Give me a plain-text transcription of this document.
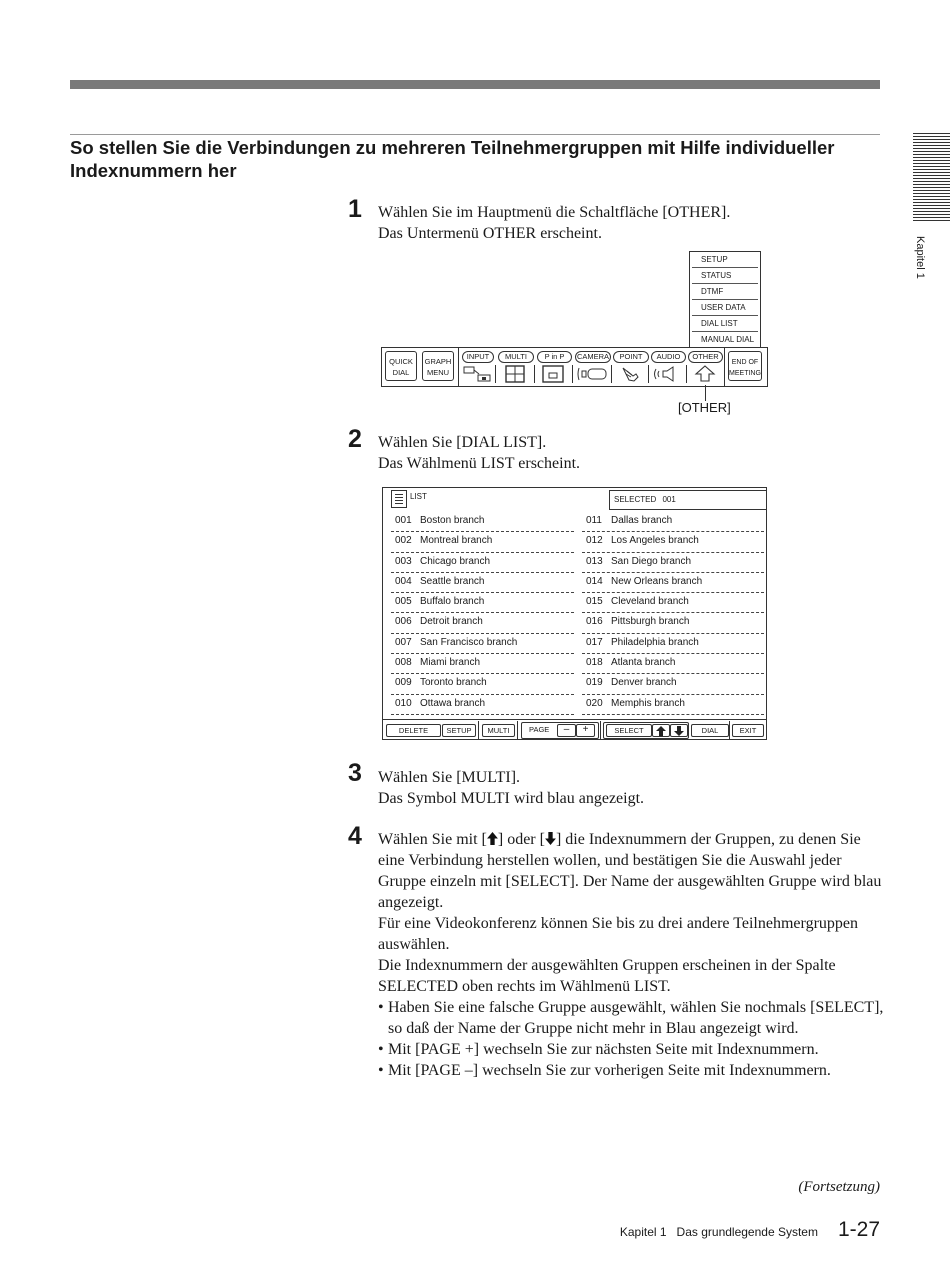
So stellen Sie die Verbindungen zu mehreren Teilnehmergruppen mit Hilfe individueller Indexnummern her
Kapitel 1
1 Wählen Sie im Hauptmenü die Schaltfläche [OTHER].

Das Untermenü OTHER erscheint.

SETUP
STATUS
DTMF
USER DATA
DIAL LIST
MANUAL DIAL
QUICK
DIAL
GRAPH
MENU
INPUT	MULTI	P in P	CAMERA	POINT	AUDIO	OTHER
END OF
MEETING
[OTHER]
2 Wählen Sie [DIAL LIST].

Das Wählmenü LIST erscheint.

LIST	SELECTED 001
001 Boston branch
002 Montreal branch
003 Chicago branch
004 Seattle branch
005 Buffalo branch
006 Detroit branch
007 San Francisco branch
008 Miami branch
009 Toronto branch
010 Ottawa branch
011 Dallas branch
012 Los Angeles branch
013 San Diego branch
014 New Orleans branch
015 Cleveland branch
016 Pittsburgh branch
017 Philadelphia branch
018 Atlanta branch
019 Denver branch
020 Memphis branch
DELETE	SETUP	MULTI	PAGE	–	+	SELECT	DIAL	EXIT
3 Wählen Sie [MULTI].

Das Symbol MULTI wird blau angezeigt.

4 Wählen Sie mit [ ] oder [ ] die Indexnummern der Gruppen, zu denen Sie eine Verbindung herstellen wollen, und bestätigen Sie die Auswahl jeder Gruppe einzeln mit [SELECT]. Der Name der ausgewählten Gruppe wird blau angezeigt.

Für eine Videokonferenz können Sie bis zu drei andere Teilnehmergruppen auswählen.

Die Indexnummern der ausgewählten Gruppen erscheinen in der Spalte SELECTED oben rechts im Wählmenü LIST.

• Haben Sie eine falsche Gruppe ausgewählt, wählen Sie nochmals [SELECT], so daß der Name der Gruppe nicht mehr in Blau angezeigt wird.

• Mit [PAGE +] wechseln Sie zur nächsten Seite mit Indexnummern.

• Mit [PAGE –] wechseln Sie zur vorherigen Seite mit Indexnummern.

(Fortsetzung)
Kapitel 1   Das grundlegende System 1-27
